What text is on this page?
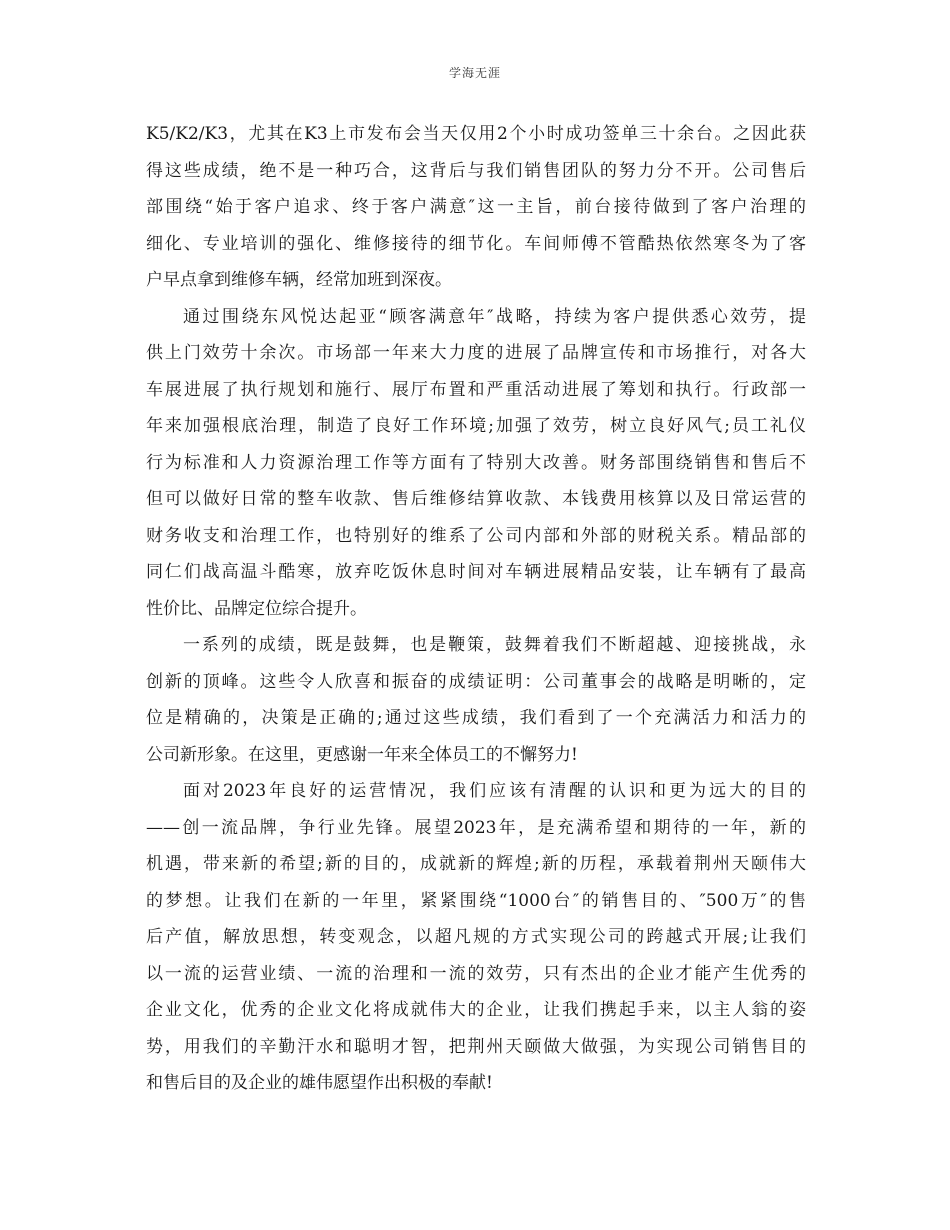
学海无涯
K5/K2/K3，尤其在K3上市发布会当天仅用2个小时成功签单三十余台。之因此获
得这些成绩，绝不是一种巧合，这背后与我们销售团队的努力分不开。公司售后
部围绕“始于客户追求、终于客户满意″这一主旨，前台接待做到了客户治理的
细化、专业培训的强化、维修接待的细节化。车间师傅不管酷热依然寒冬为了客
户早点拿到维修车辆，经常加班到深夜。
通过围绕东风悦达起亚“顾客满意年″战略，持续为客户提供悉心效劳，提
供上门效劳十余次。市场部一年来大力度的进展了品牌宣传和市场推行，对各大
车展进展了执行规划和施行、展厅布置和严重活动进展了筹划和执行。行政部一
年来加强根底治理，制造了良好工作环境;加强了效劳，树立良好风气;员工礼仪
行为标准和人力资源治理工作等方面有了特别大改善。财务部围绕销售和售后不
但可以做好日常的整车收款、售后维修结算收款、本钱费用核算以及日常运营的
财务收支和治理工作，也特别好的维系了公司内部和外部的财税关系。精品部的
同仁们战高温斗酷寒，放弃吃饭休息时间对车辆进展精品安装，让车辆有了最高
性价比、品牌定位综合提升。
一系列的成绩，既是鼓舞，也是鞭策，鼓舞着我们不断超越、迎接挑战，永
创新的顶峰。这些令人欣喜和振奋的成绩证明：公司董事会的战略是明晰的，定
位是精确的，决策是正确的;通过这些成绩，我们看到了一个充满活力和活力的
公司新形象。在这里，更感谢一年来全体员工的不懈努力!
面对2023年良好的运营情况，我们应该有清醒的认识和更为远大的目的
——创一流品牌，争行业先锋。展望2023年，是充满希望和期待的一年，新的
机遇，带来新的希望;新的目的，成就新的辉煌;新的历程，承载着荆州天颐伟大
的梦想。让我们在新的一年里，紧紧围绕“1000台″的销售目的、″500万″的售
后产值，解放思想，转变观念，以超凡规的方式实现公司的跨越式开展;让我们
以一流的运营业绩、一流的治理和一流的效劳，只有杰出的企业才能产生优秀的
企业文化，优秀的企业文化将成就伟大的企业，让我们携起手来，以主人翁的姿
势，用我们的辛勤汗水和聪明才智，把荆州天颐做大做强，为实现公司销售目的
和售后目的及企业的雄伟愿望作出积极的奉献!
